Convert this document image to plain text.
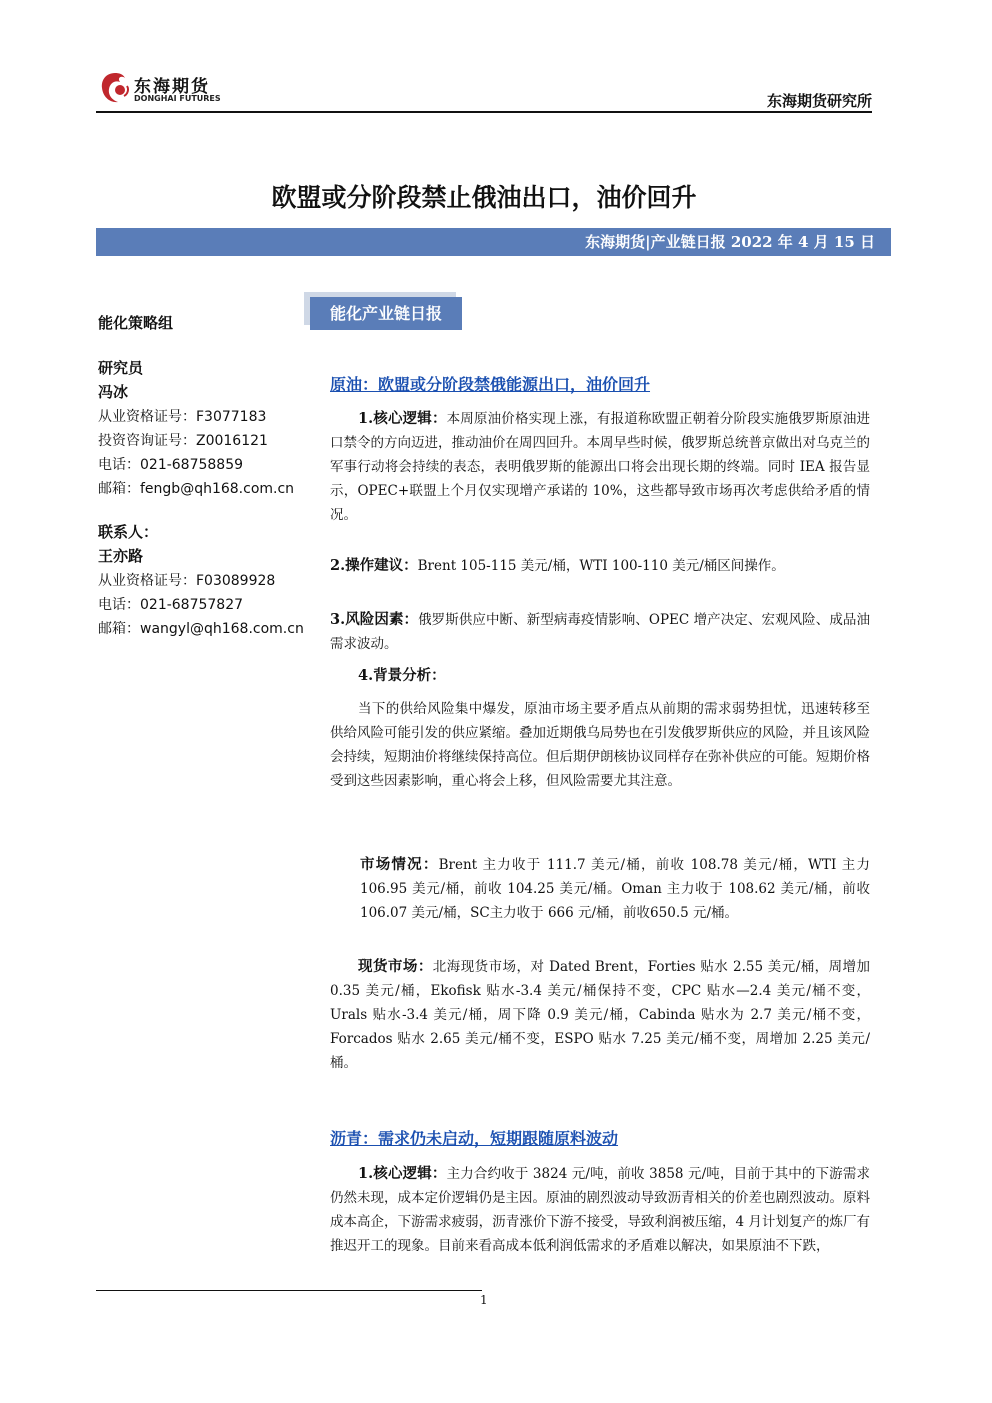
东海期货
DONGHAI FUTURES	东海期货研究所
欧盟或分阶段禁止俄油出口，油价回升
东海期货|产业链日报 2022 年 4 月 15 日
能化策略组
研究员
冯冰
从业资格证号：F3077183
投资咨询证号：Z0016121
电话：021-68758859
邮箱：fengb@qh168.com.cn
联系人：
王亦路
从业资格证号：F03089928
电话：021-68757827
邮箱：wangyl@qh168.com.cn
能化产业链日报
原油：欧盟或分阶段禁俄能源出口，油价回升
1.核心逻辑：本周原油价格实现上涨，有报道称欧盟正朝着分阶段实施俄罗斯原油进口禁令的方向迈进，推动油价在周四回升。本周早些时候，俄罗斯总统普京做出对乌克兰的军事行动将会持续的表态，表明俄罗斯的能源出口将会出现长期的终端。同时 IEA 报告显示，OPEC+联盟上个月仅实现增产承诺的 10%，这些都导致市场再次考虑供给矛盾的情况。
2.操作建议：Brent 105-115 美元/桶，WTI 100-110 美元/桶区间操作。
3.风险因素：俄罗斯供应中断、新型病毒疫情影响、OPEC 增产决定、宏观风险、成品油需求波动。
4.背景分析：
当下的供给风险集中爆发，原油市场主要矛盾点从前期的需求弱势担忧，迅速转移至供给风险可能引发的供应紧缩。叠加近期俄乌局势也在引发俄罗斯供应的风险，并且该风险会持续，短期油价将继续保持高位。但后期伊朗核协议同样存在弥补供应的可能。短期价格受到这些因素影响，重心将会上移，但风险需要尤其注意。
市场情况：Brent 主力收于 111.7 美元/桶，前收 108.78 美元/桶，WTI 主力 106.95 美元/桶，前收 104.25 美元/桶。Oman 主力收于 108.62 美元/桶，前收106.07 美元/桶，SC主力收于 666 元/桶，前收650.5 元/桶。
现货市场：北海现货市场，对 Dated Brent，Forties 贴水 2.55 美元/桶，周增加 0.35 美元/桶，Ekofisk 贴水-3.4 美元/桶保持不变，CPC 贴水—2.4 美元/桶不变，Urals 贴水-3.4 美元/桶，周下降 0.9 美元/桶，Cabinda 贴水为 2.7 美元/桶不变， Forcados 贴水 2.65 美元/桶不变，ESPO 贴水 7.25 美元/桶不变，周增加 2.25 美元/桶。
沥青：需求仍未启动，短期跟随原料波动
1.核心逻辑：主力合约收于 3824 元/吨，前收 3858 元/吨，目前于其中的下游需求仍然未现，成本定价逻辑仍是主因。原油的剧烈波动导致沥青相关的价差也剧烈波动。原料成本高企，下游需求疲弱，沥青涨价下游不接受，导致利润被压缩，4 月计划复产的炼厂有推迟开工的现象。目前来看高成本低利润低需求的矛盾难以解决，如果原油不下跌，
1
